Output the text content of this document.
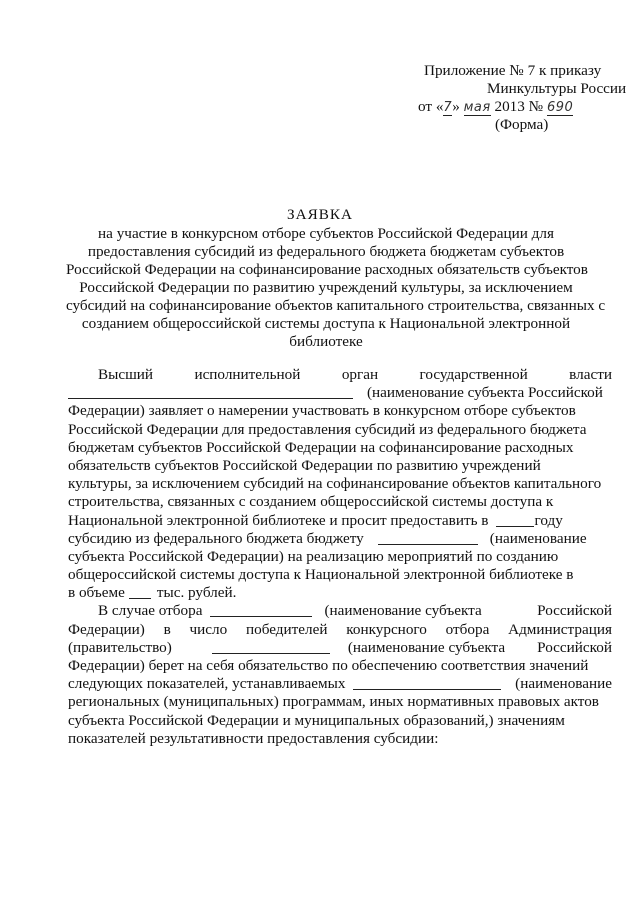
Приложение № 7 к приказу
Минкультуры России
от «7» мая 2013 № 690
(Форма)
ЗАЯВКА
на участие в конкурсном отборе субъектов Российской Федерации для
предоставления субсидий из федерального бюджета бюджетам субъектов
Российской Федерации на софинансирование расходных обязательств субъектов
Российской Федерации по развитию учреждений культуры, за исключением
субсидий на софинансирование объектов капитального строительства, связанных с
созданием общероссийской системы доступа к Национальной электронной
библиотеке
Высший	исполнительной	орган	государственной	власти
(наименование субъекта Российской
Федерации) заявляет о намерении участвовать в конкурсном отборе субъектов
Российской Федерации для предоставления субсидий из федерального бюджета
бюджетам субъектов Российской Федерации на софинансирование расходных
обязательств субъектов Российской Федерации по развитию учреждений
культуры, за исключением субсидий на софинансирование объектов капитального
строительства, связанных с созданием общероссийской системы доступа к
Национальной электронной библиотеке и просит предоставить в	году
субсидию из федерального бюджета бюджету	(наименование
субъекта Российской Федерации) на реализацию мероприятий по созданию
общероссийской системы доступа к Национальной электронной библиотеке в
в объеме тыс. рублей.
В случае отбора	(наименование субъекта	Российской
Федерации) в число победителей конкурсного отбора Администрация
(правительство)	(наименование субъекта Российской
Федерации) берет на себя обязательство по обеспечению соответствия значений
следующих показателей, устанавливаемых	(наименование
региональных (муниципальных) программам, иных нормативных правовых актов
субъекта Российской Федерации и муниципальных образований,) значениям
показателей результативности предоставления субсидии:
